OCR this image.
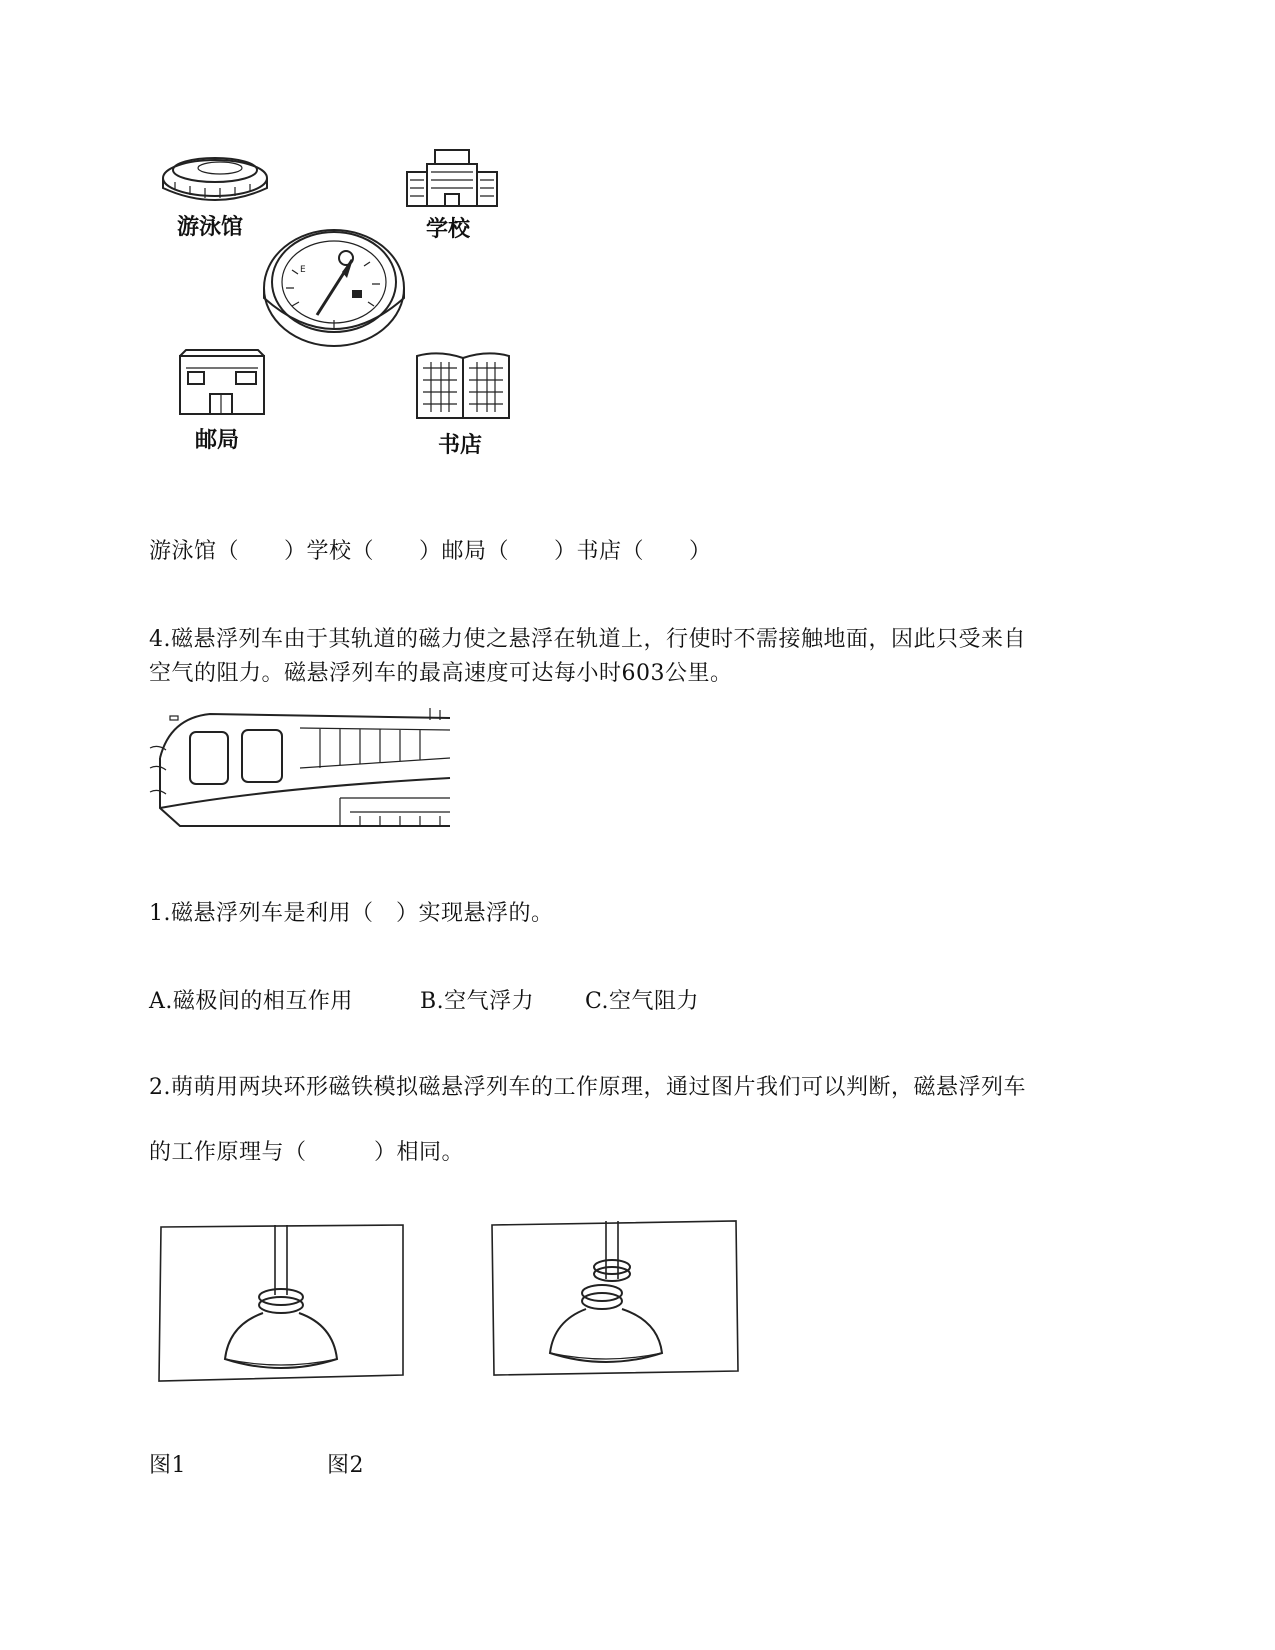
游泳馆	学校
E
邮局	书店
游泳馆（　　）学校（　　）邮局（　　）书店（　　）
4.磁悬浮列车由于其轨道的磁力使之悬浮在轨道上，行使时不需接触地面，因此只受来自
空气的阻力。磁悬浮列车的最高速度可达每小时603公里。
1.磁悬浮列车是利用（　）实现悬浮的。
A.磁极间的相互作用	B.空气浮力 C.空气阻力
2.萌萌用两块环形磁铁模拟磁悬浮列车的工作原理，通过图片我们可以判断，磁悬浮列车
的工作原理与（　　　）相同。
图1	图2
